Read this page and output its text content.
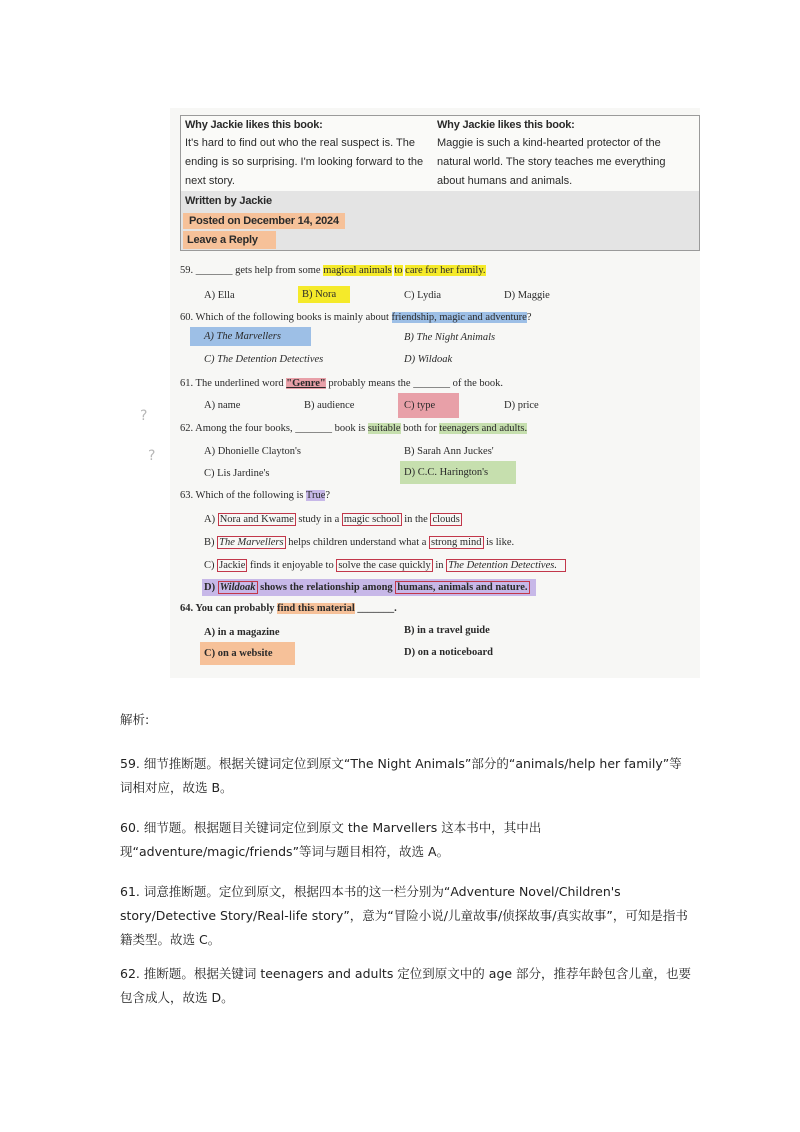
Why Jackie likes this book:
It's hard to find out who the real suspect is. The ending is so surprising. I'm looking forward to the next story.
Why Jackie likes this book:
Maggie is such a kind-hearted protector of the natural world. The story teaches me everything about humans and animals.
Written by Jackie
Posted on December 14, 2024
Leave a Reply
?
?
59. _______ gets help from some magical animals to care for her family.
A) Ella	B) Nora	C) Lydia	D) Maggie
60. Which of the following books is mainly about friendship, magic and adventure?
A) The Marvellers	B) The Night Animals
C) The Detention Detectives	D) Wildoak
61. The underlined word "Genre" probably means the _______ of the book.
A) name	B) audience	C) type	D) price
62. Among the four books, _______ book is suitable both for teenagers and adults.
A) Dhonielle Clayton's	B) Sarah Ann Juckes'
C) Lis Jardine's	D) C.C. Harington's
63. Which of the following is True?
A) Nora and Kwame study in a magic school in the clouds
B) The Marvellers helps children understand what a strong mind is like.
C) Jackie finds it enjoyable to solve the case quickly in The Detention Detectives.
D) Wildoak shows the relationship among humans, animals and nature.
64. You can probably find this material _______.
A) in a magazine	B) in a travel guide
C) on a website	D) on a noticeboard
解析:
59. 细节推断题。根据关键词定位到原文“The Night Animals”部分的“animals/help her family”等词相对应，故选 B。
60. 细节题。根据题目关键词定位到原文 the Marvellers 这本书中，其中出现“adventure/magic/friends”等词与题目相符，故选 A。
61. 词意推断题。定位到原文，根据四本书的这一栏分别为“Adventure Novel/Children's story/Detective Story/Real-life story”，意为“冒险小说/儿童故事/侦探故事/真实故事”，可知是指书籍类型。故选 C。
62. 推断题。根据关键词 teenagers and adults 定位到原文中的 age 部分，推荐年龄包含儿童，也要包含成人，故选 D。
